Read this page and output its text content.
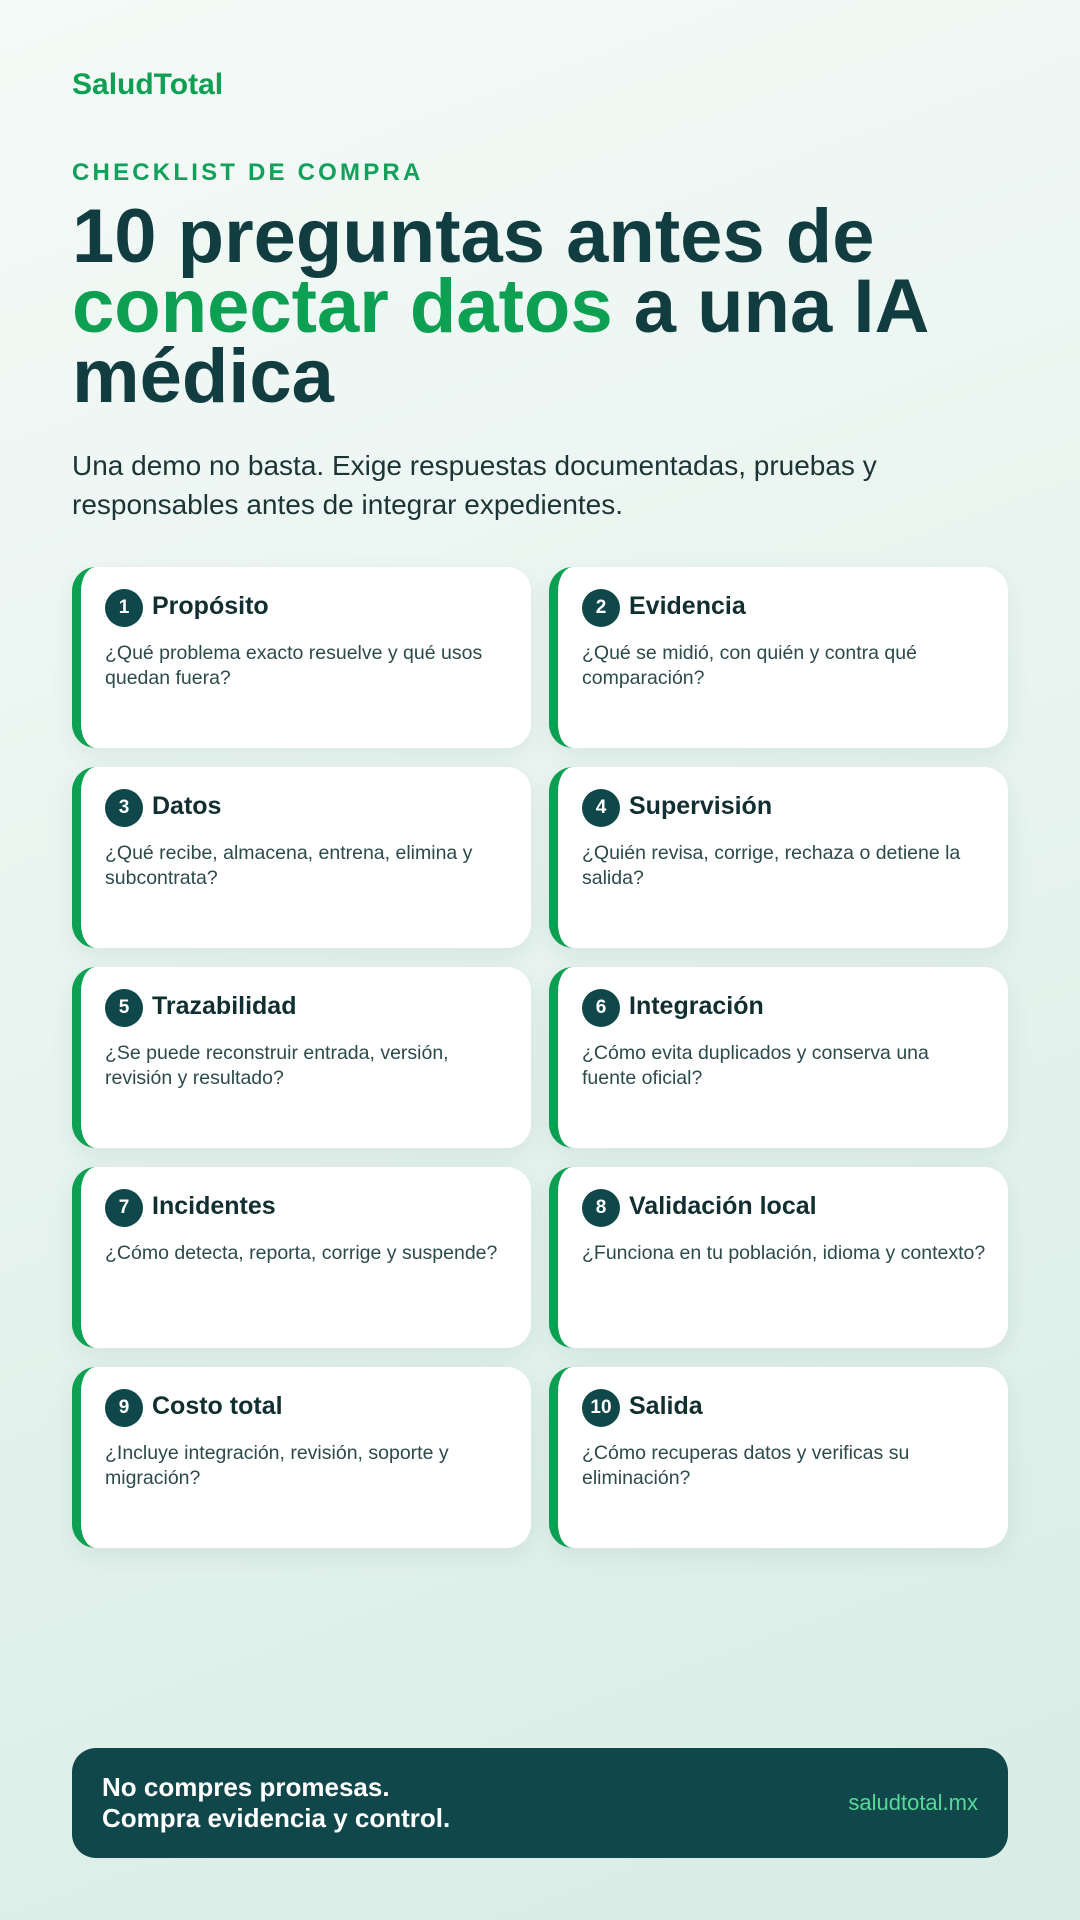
SaludTotal
CHECKLIST DE COMPRA
10 preguntas antes de
conectar datos a una IA médica

Una demo no basta. Exige respuestas documentadas, pruebas y responsables antes de integrar expedientes.

1 Propósito
¿Qué problema exacto resuelve y qué usos quedan fuera?
2 Evidencia
¿Qué se midió, con quién y contra qué comparación?
3 Datos
¿Qué recibe, almacena, entrena, elimina y subcontrata?
4 Supervisión
¿Quién revisa, corrige, rechaza o detiene la salida?
5 Trazabilidad
¿Se puede reconstruir entrada, versión, revisión y resultado?
6 Integración
¿Cómo evita duplicados y conserva una fuente oficial?
7 Incidentes
¿Cómo detecta, reporta, corrige y suspende?
8 Validación local
¿Funciona en tu población, idioma y contexto?
9 Costo total
¿Incluye integración, revisión, soporte y migración?
10 Salida
¿Cómo recuperas datos y verificas su eliminación?
No compres promesas.
Compra evidencia y control.
saludtotal.mx
